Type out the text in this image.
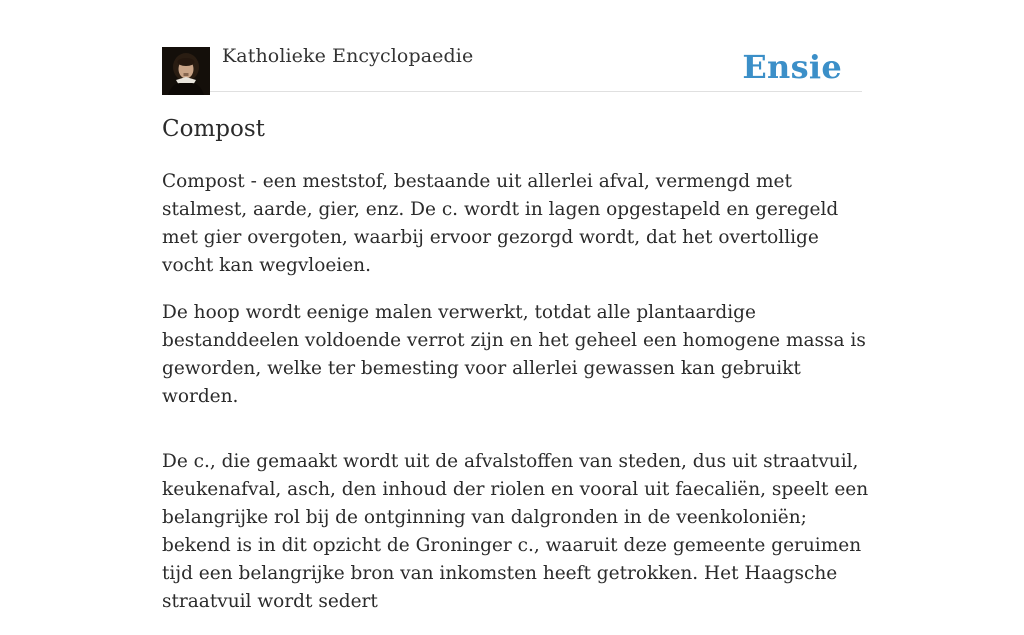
Katholieke Encyclopaedie	Ensie
Compost

Compost - een meststof, bestaande uit allerlei afval, vermengd met stalmest, aarde, gier, enz. De c. wordt in lagen opgestapeld en geregeld met gier overgoten, waarbij ervoor gezorgd wordt, dat het overtollige vocht kan wegvloeien.

De hoop wordt eenige malen verwerkt, totdat alle plantaardige bestanddeelen voldoende verrot zijn en het geheel een homogene massa is geworden, welke ter bemesting voor allerlei gewassen kan gebruikt worden.

De c., die gemaakt wordt uit de afvalstoffen van steden, dus uit straatvuil, keukenafval, asch, den inhoud der riolen en vooral uit faecaliën, speelt een belangrijke rol bij de ontginning van dalgronden in de veenkoloniën; bekend is in dit opzicht de Groninger c., waaruit deze gemeente geruimen tijd een belangrijke bron van inkomsten heeft getrokken. Het Haagsche straatvuil wordt sedert
